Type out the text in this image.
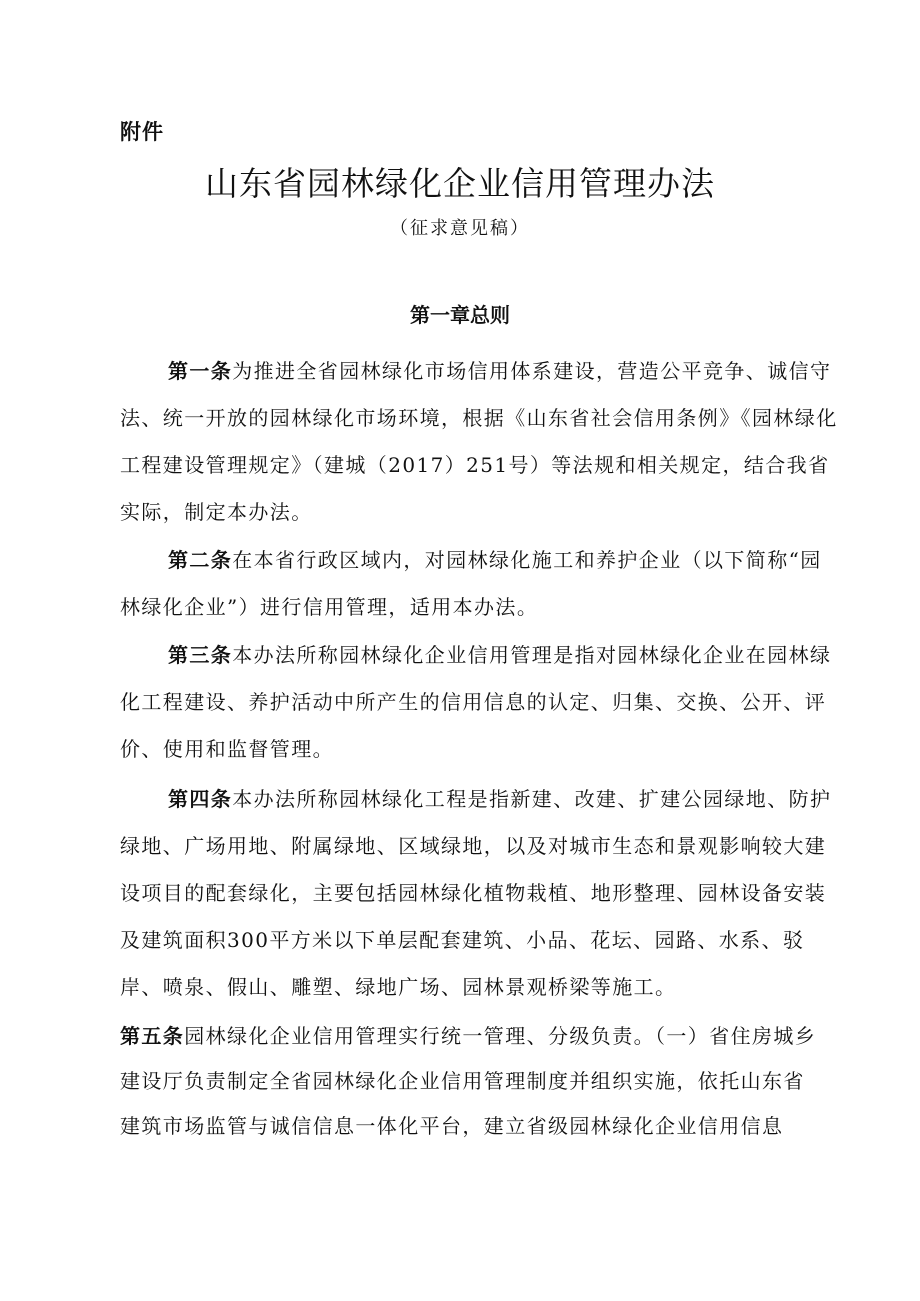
附件
山东省园林绿化企业信用管理办法
（征求意见稿）
第一章总则

第一条为推进全省园林绿化市场信用体系建设，营造公平竞争、诚信守法、统一开放的园林绿化市场环境，根据《山东省社会信用条例》《园林绿化工程建设管理规定》（建城（2017）251号）等法规和相关规定，结合我省实际，制定本办法。

第二条在本省行政区域内，对园林绿化施工和养护企业（以下简称“园林绿化企业”）进行信用管理，适用本办法。

第三条本办法所称园林绿化企业信用管理是指对园林绿化企业在园林绿化工程建设、养护活动中所产生的信用信息的认定、归集、交换、公开、评价、使用和监督管理。

第四条本办法所称园林绿化工程是指新建、改建、扩建公园绿地、防护绿地、广场用地、附属绿地、区域绿地，以及对城市生态和景观影响较大建设项目的配套绿化，主要包括园林绿化植物栽植、地形整理、园林设备安装及建筑面积300平方米以下单层配套建筑、小品、花坛、园路、水系、驳岸、喷泉、假山、雕塑、绿地广场、园林景观桥梁等施工。

第五条园林绿化企业信用管理实行统一管理、分级负责。（一）省住房城乡建设厅负责制定全省园林绿化企业信用管理制度并组织实施，依托山东省建筑市场监管与诚信信息一体化平台，建立省级园林绿化企业信用信息
